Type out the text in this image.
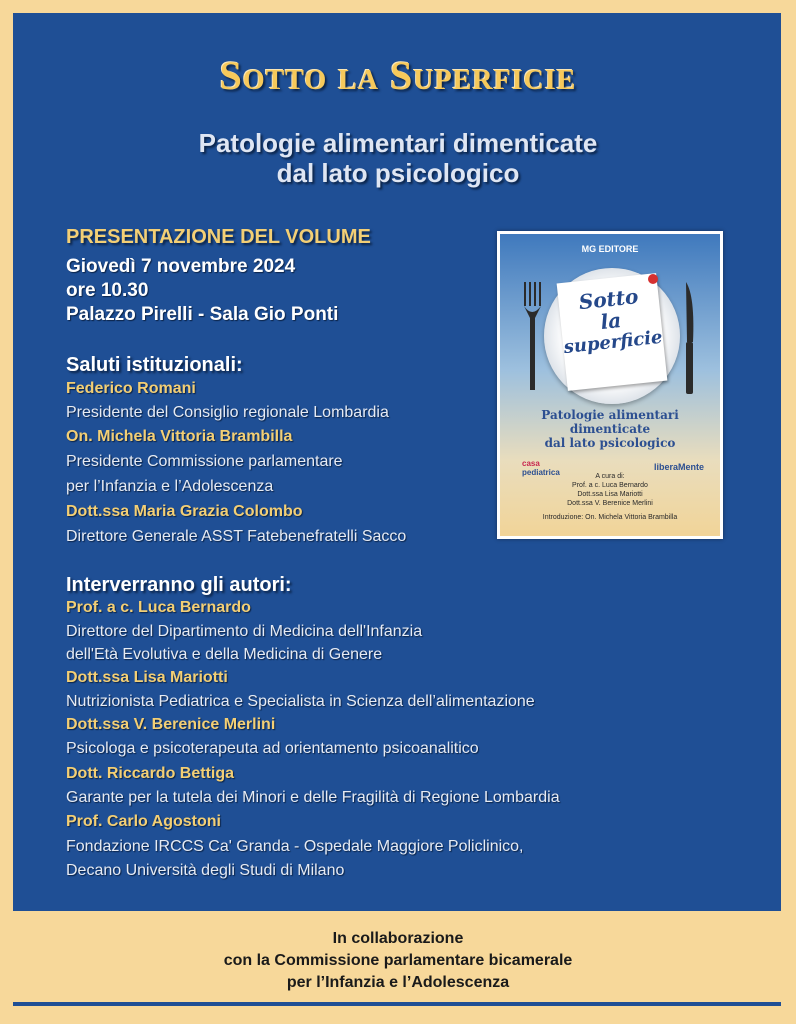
Sotto la Superficie
Patologie alimentari dimenticate
dal lato psicologico
PRESENTAZIONE DEL VOLUME
Giovedì 7 novembre 2024
ore 10.30
Palazzo Pirelli - Sala Gio Ponti
Saluti istituzionali:
Federico Romani
Presidente del Consiglio regionale Lombardia
On. Michela Vittoria Brambilla
Presidente Commissione parlamentare
per l’Infanzia e l’Adolescenza
Dott.ssa Maria Grazia Colombo
Direttore Generale ASST Fatebenefratelli Sacco
Interverranno gli autori:
Prof. a c. Luca Bernardo
Direttore del Dipartimento di Medicina dell'Infanzia
dell'Età Evolutiva e della Medicina di Genere
Dott.ssa Lisa Mariotti
Nutrizionista Pediatrica e Specialista in Scienza dell’alimentazione
Dott.ssa V. Berenice Merlini
Psicologa e psicoterapeuta ad orientamento psicoanalitico
Dott. Riccardo Bettiga
Garante per la tutela dei Minori e delle Fragilità di Regione Lombardia
Prof. Carlo Agostoni
Fondazione IRCCS Ca' Granda - Ospedale Maggiore Policlinico,
Decano Università degli Studi di Milano
MG EDITORE
Sotto
la
superficie
Patologie alimentari
dimenticate
dal lato psicologico
casa
pediatrica
liberaMente
A cura di:
Prof. a c. Luca Bernardo
Dott.ssa Lisa Mariotti
Dott.ssa V. Berenice Merlini
Introduzione: On. Michela Vittoria Brambilla
In collaborazione
con la Commissione parlamentare bicamerale
per l’Infanzia e l’Adolescenza
